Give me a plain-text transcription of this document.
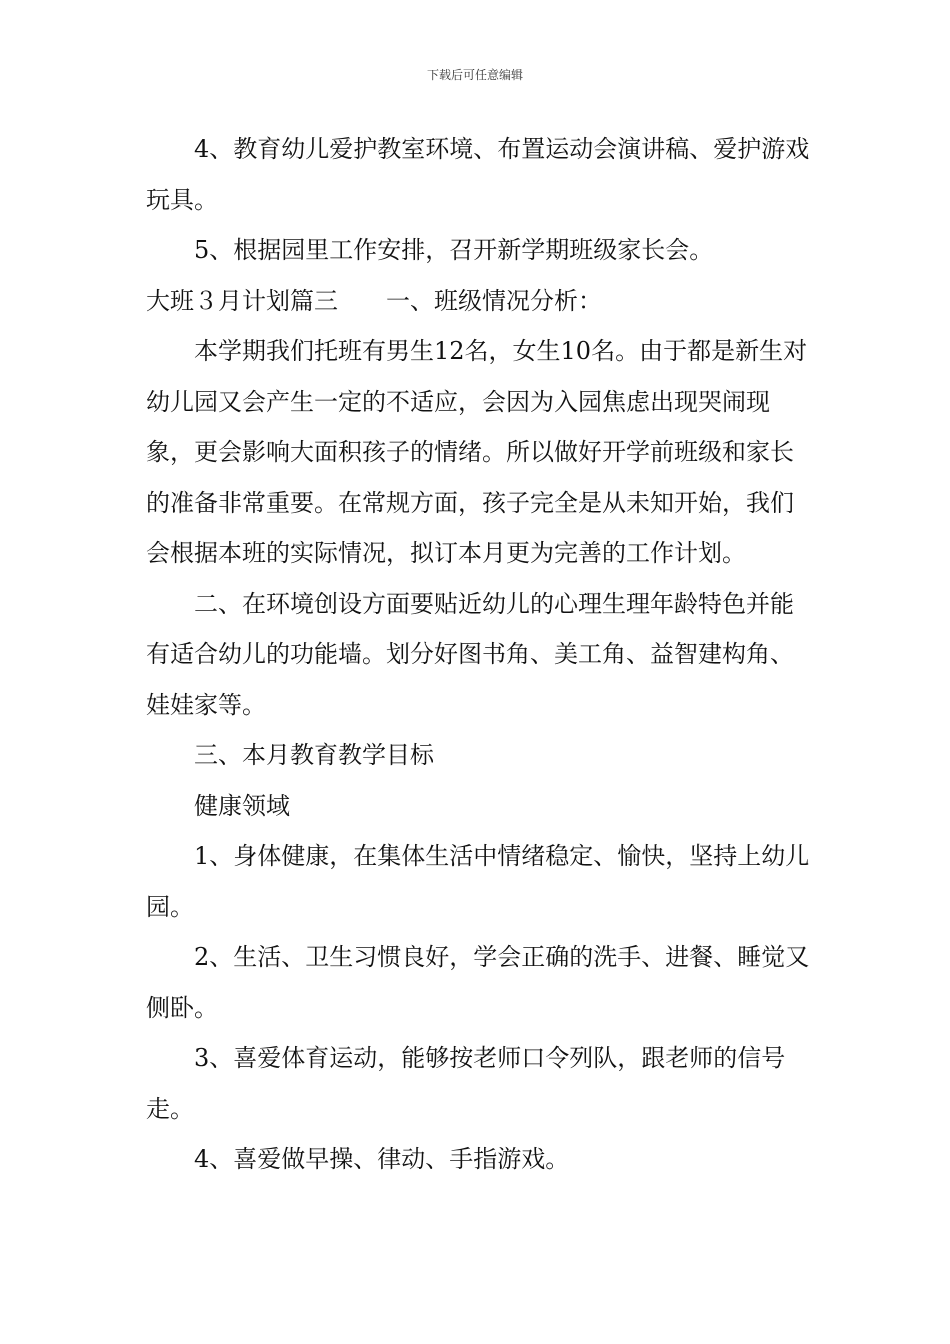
下载后可任意编辑

4、教育幼儿爱护教室环境、布置运动会演讲稿、爱护游戏玩具。

5、根据园里工作安排，召开新学期班级家长会。

大班３月计划篇三　　一、班级情况分析：

本学期我们托班有男生12名，女生10名。由于都是新生对幼儿园又会产生一定的不适应，会因为入园焦虑出现哭闹现象，更会影响大面积孩子的情绪。所以做好开学前班级和家长的准备非常重要。在常规方面，孩子完全是从未知开始，我们会根据本班的实际情况，拟订本月更为完善的工作计划。

二、在环境创设方面要贴近幼儿的心理生理年龄特色并能有适合幼儿的功能墙。划分好图书角、美工角、益智建构角、娃娃家等。

三、本月教育教学目标

健康领域

1、身体健康，在集体生活中情绪稳定、愉快，坚持上幼儿园。

2、生活、卫生习惯良好，学会正确的洗手、进餐、睡觉又侧卧。

3、喜爱体育运动，能够按老师口令列队，跟老师的信号走。

4、喜爱做早操、律动、手指游戏。
